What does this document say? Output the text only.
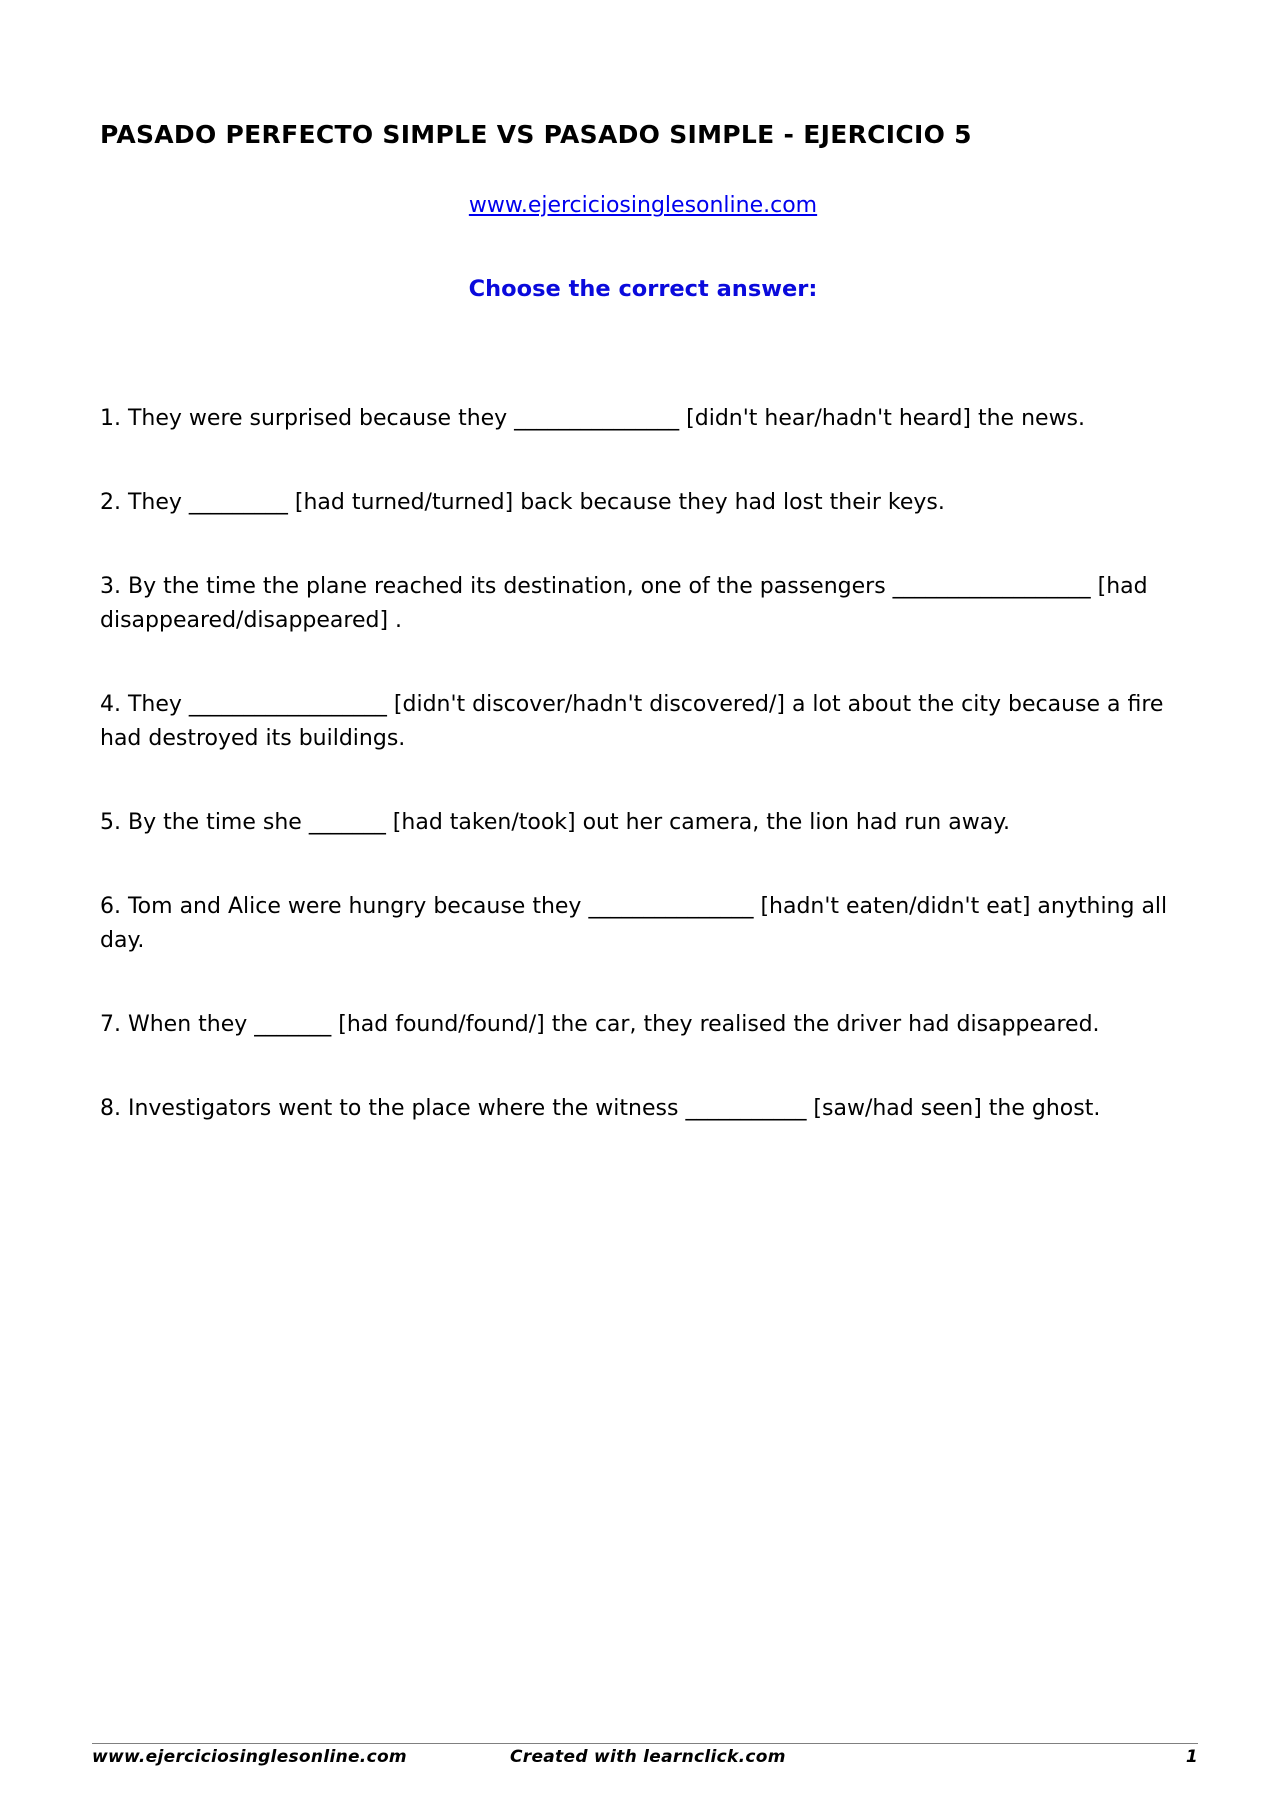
PASADO PERFECTO SIMPLE VS PASADO SIMPLE - EJERCICIO 5
www.ejerciciosinglesonline.com
Choose the correct answer:
1. They were surprised because they _______________ [didn't hear/hadn't heard] the news.
2. They _________ [had turned/turned] back because they had lost their keys.
3. By the time the plane reached its destination, one of the passengers __________________ [had disappeared/disappeared] .
4. They __________________ [didn't discover/hadn't discovered/] a lot about the city because a fire had destroyed its buildings.
5. By the time she _______ [had taken/took] out her camera, the lion had run away.
6. Tom and Alice were hungry because they _______________ [hadn't eaten/didn't eat] anything all day.
7. When they _______ [had found/found/] the car, they realised the driver had disappeared.
8. Investigators went to the place where the witness ___________ [saw/had seen] the ghost.
www.ejerciciosinglesonline.com	Created with learnclick.com	1
